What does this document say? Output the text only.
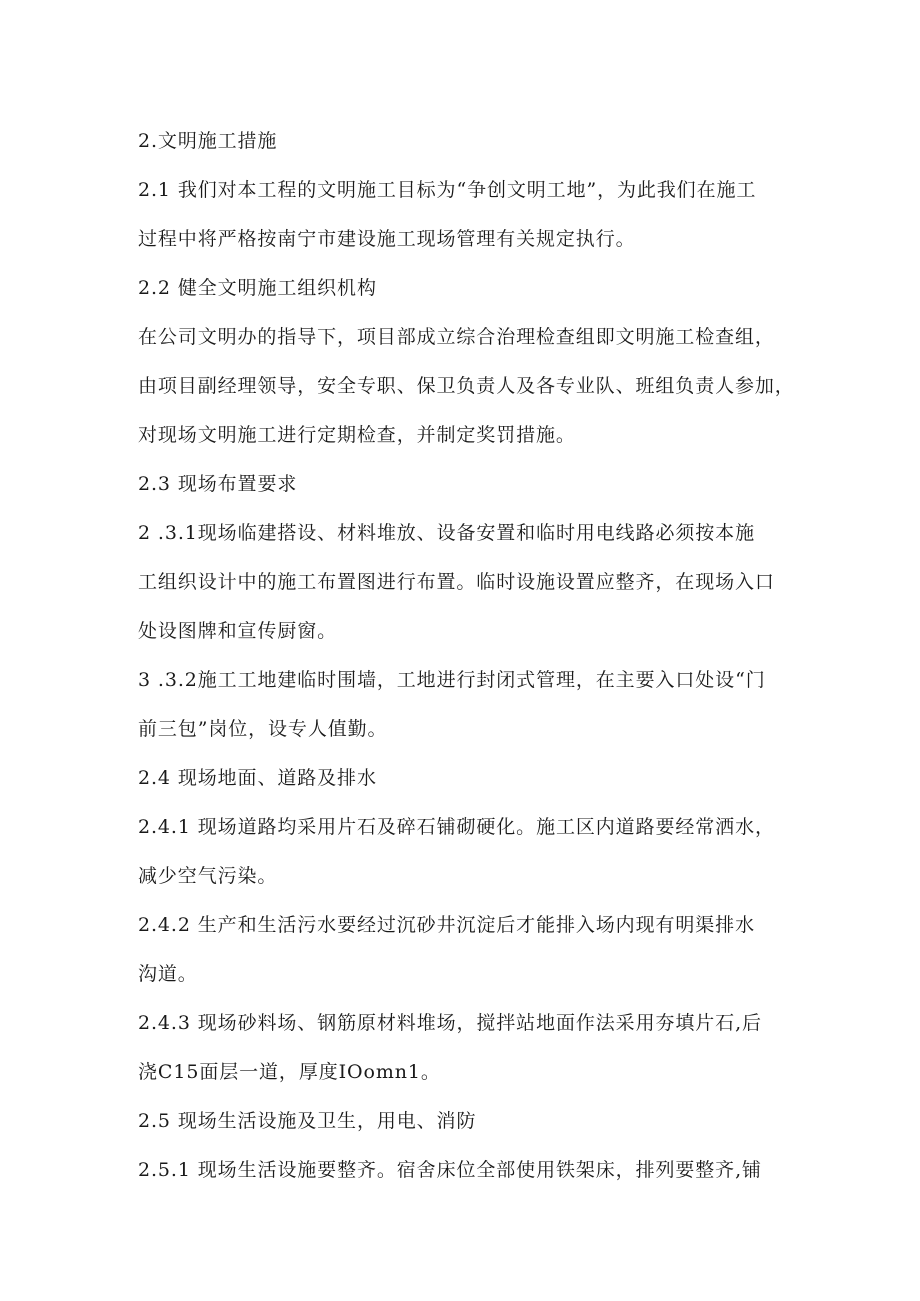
2.文明施工措施
2.1 我们对本工程的文明施工目标为“争创文明工地”，为此我们在施工
过程中将严格按南宁市建设施工现场管理有关规定执行。
2.2 健全文明施工组织机构
在公司文明办的指导下，项目部成立综合治理检查组即文明施工检查组，
由项目副经理领导，安全专职、保卫负责人及各专业队、班组负责人参加，
对现场文明施工进行定期检查，并制定奖罚措施。
2.3 现场布置要求
2 .3.1现场临建搭设、材料堆放、设备安置和临时用电线路必须按本施
工组织设计中的施工布置图进行布置。临时设施设置应整齐，在现场入口
处设图牌和宣传厨窗。
3 .3.2施工工地建临时围墙，工地进行封闭式管理，在主要入口处设“门
前三包”岗位，设专人值勤。
2.4 现场地面、道路及排水
2.4.1 现场道路均采用片石及碎石铺砌硬化。施工区内道路要经常洒水，
减少空气污染。
2.4.2 生产和生活污水要经过沉砂井沉淀后才能排入场内现有明渠排水
沟道。
2.4.3 现场砂料场、钢筋原材料堆场，搅拌站地面作法采用夯填片石,后
浇C15面层一道，厚度IOomn1。
2.5 现场生活设施及卫生，用电、消防
2.5.1 现场生活设施要整齐。宿舍床位全部使用铁架床，排列要整齐,铺
